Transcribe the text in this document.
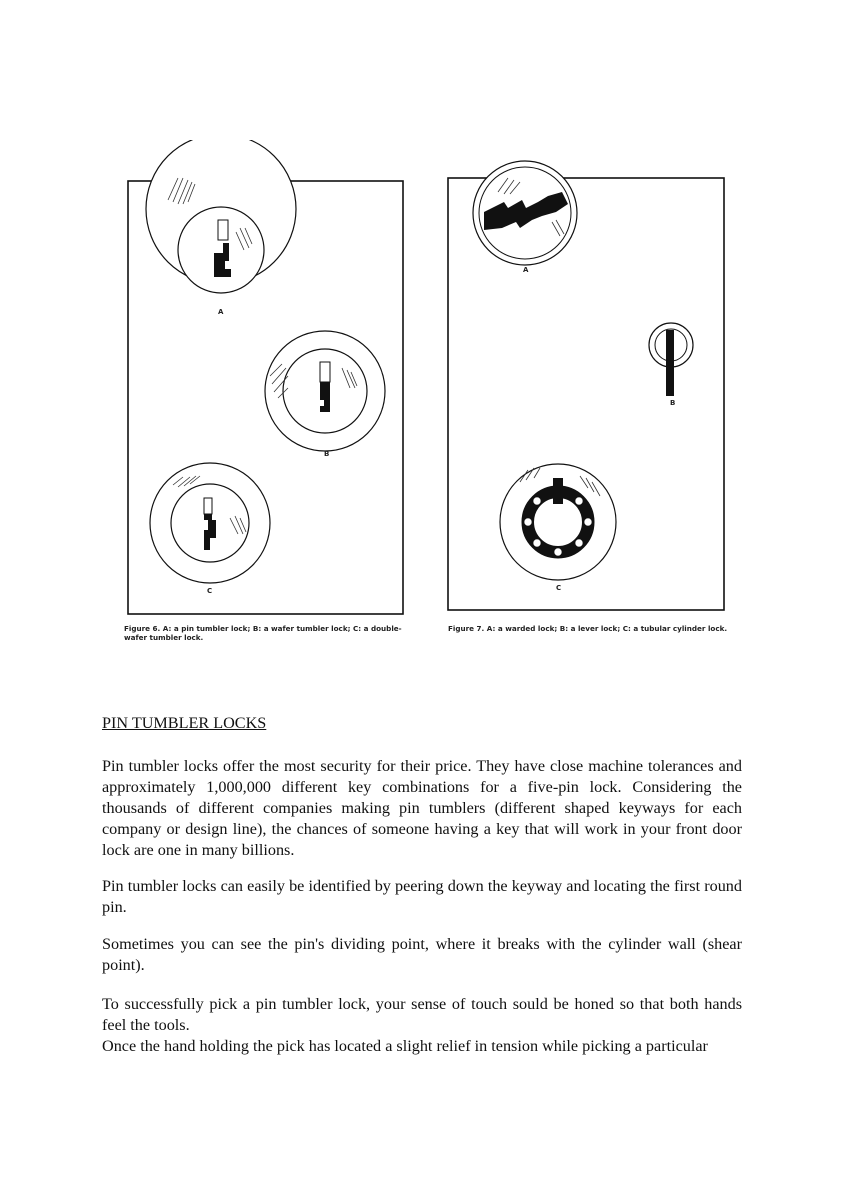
A
B
C
Figure 6. A: a pin tumbler lock; B: a wafer tumbler lock; C: a double-wafer tumbler lock.
A
B
C
Figure 7. A: a warded lock; B: a lever lock; C: a tubular cylinder lock.
PIN TUMBLER LOCKS

Pin tumbler locks offer the most security for their price. They have close machine tolerances and approximately 1,000,000 different key combinations for a five-pin lock. Considering the thousands of different companies making pin tumblers (different shaped keyways for each company or design line), the chances of someone having a key that will work in your front door lock are one in many billions.

Pin tumbler locks can easily be identified by peering down the keyway and locating the first round pin.

Sometimes you can see the pin's dividing point, where it breaks with the cylinder wall (shear point).

To successfully pick a pin tumbler lock, your sense of touch sould be honed so that both hands feel the tools.

Once the hand holding the pick has located a slight relief in tension while picking a particular
